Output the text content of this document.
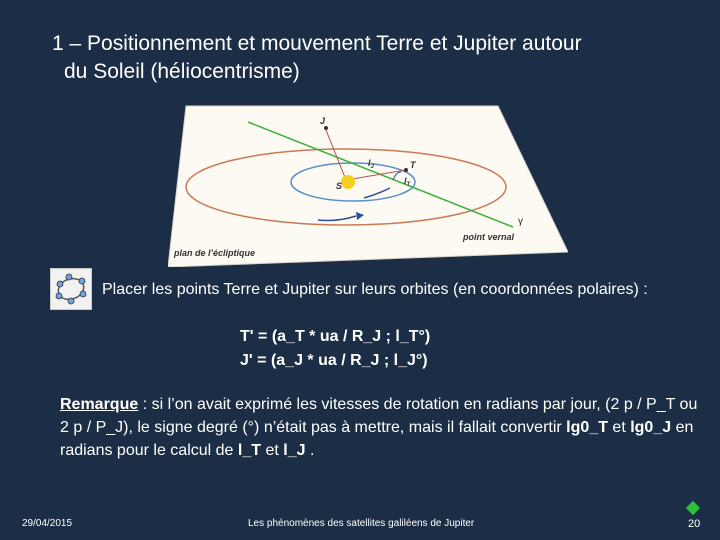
1 – Positionnement et mouvement Terre et Jupiter autour
du Soleil (héliocentrisme)
J
$l_J$	T
$l_T$
S
γ
point vernal
plan de l’écliptique
Placer les points Terre et Jupiter sur leurs orbites (en coordonnées polaires) :
T' = (a_T * ua / R_J ; l_T°)
J' = (a_J * ua / R_J ; l_J°)
Remarque : si l’on avait exprimé les vitesses de rotation en radians par jour, (2 p / P_T ou 2 p / P_J), le signe degré (°) n’était pas à mettre, mais il fallait convertir lg0_T et lg0_J en radians pour le calcul de l_T et l_J .
29/04/2015	Les phénomènes des satellites galiléens de Jupiter	20
